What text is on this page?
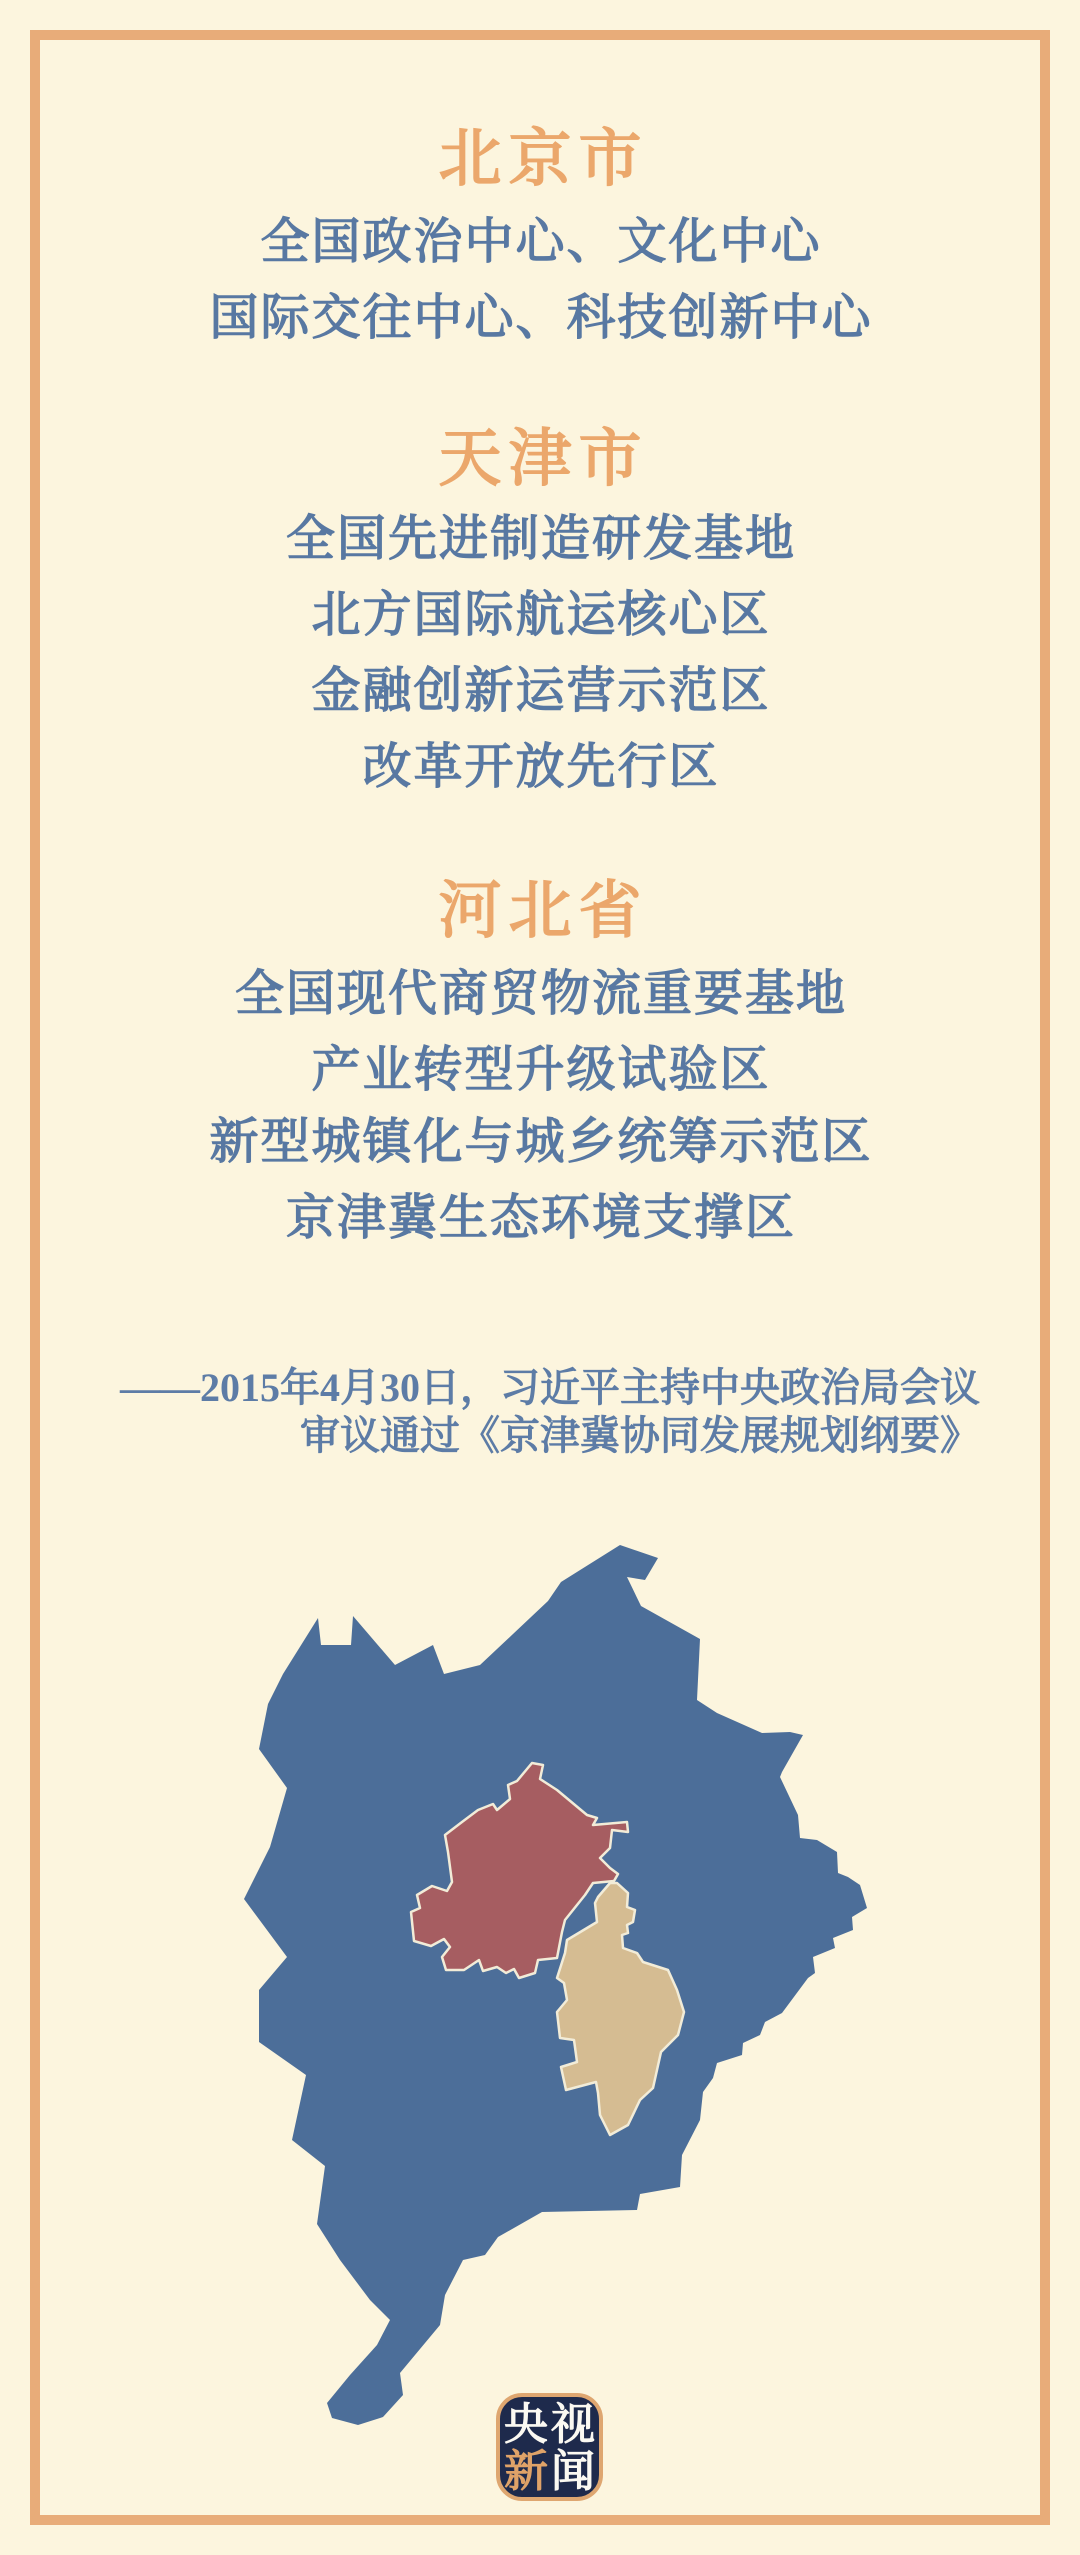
北京市
全国政治中心、文化中心
国际交往中心、科技创新中心
天津市
全国先进制造研发基地
北方国际航运核心区
金融创新运营示范区
改革开放先行区
河北省
全国现代商贸物流重要基地
产业转型升级试验区
新型城镇化与城乡统筹示范区
京津冀生态环境支撑区
——2015年4月30日，习近平主持中央政治局会议
审议通过《京津冀协同发展规划纲要》
央 视
新 闻
